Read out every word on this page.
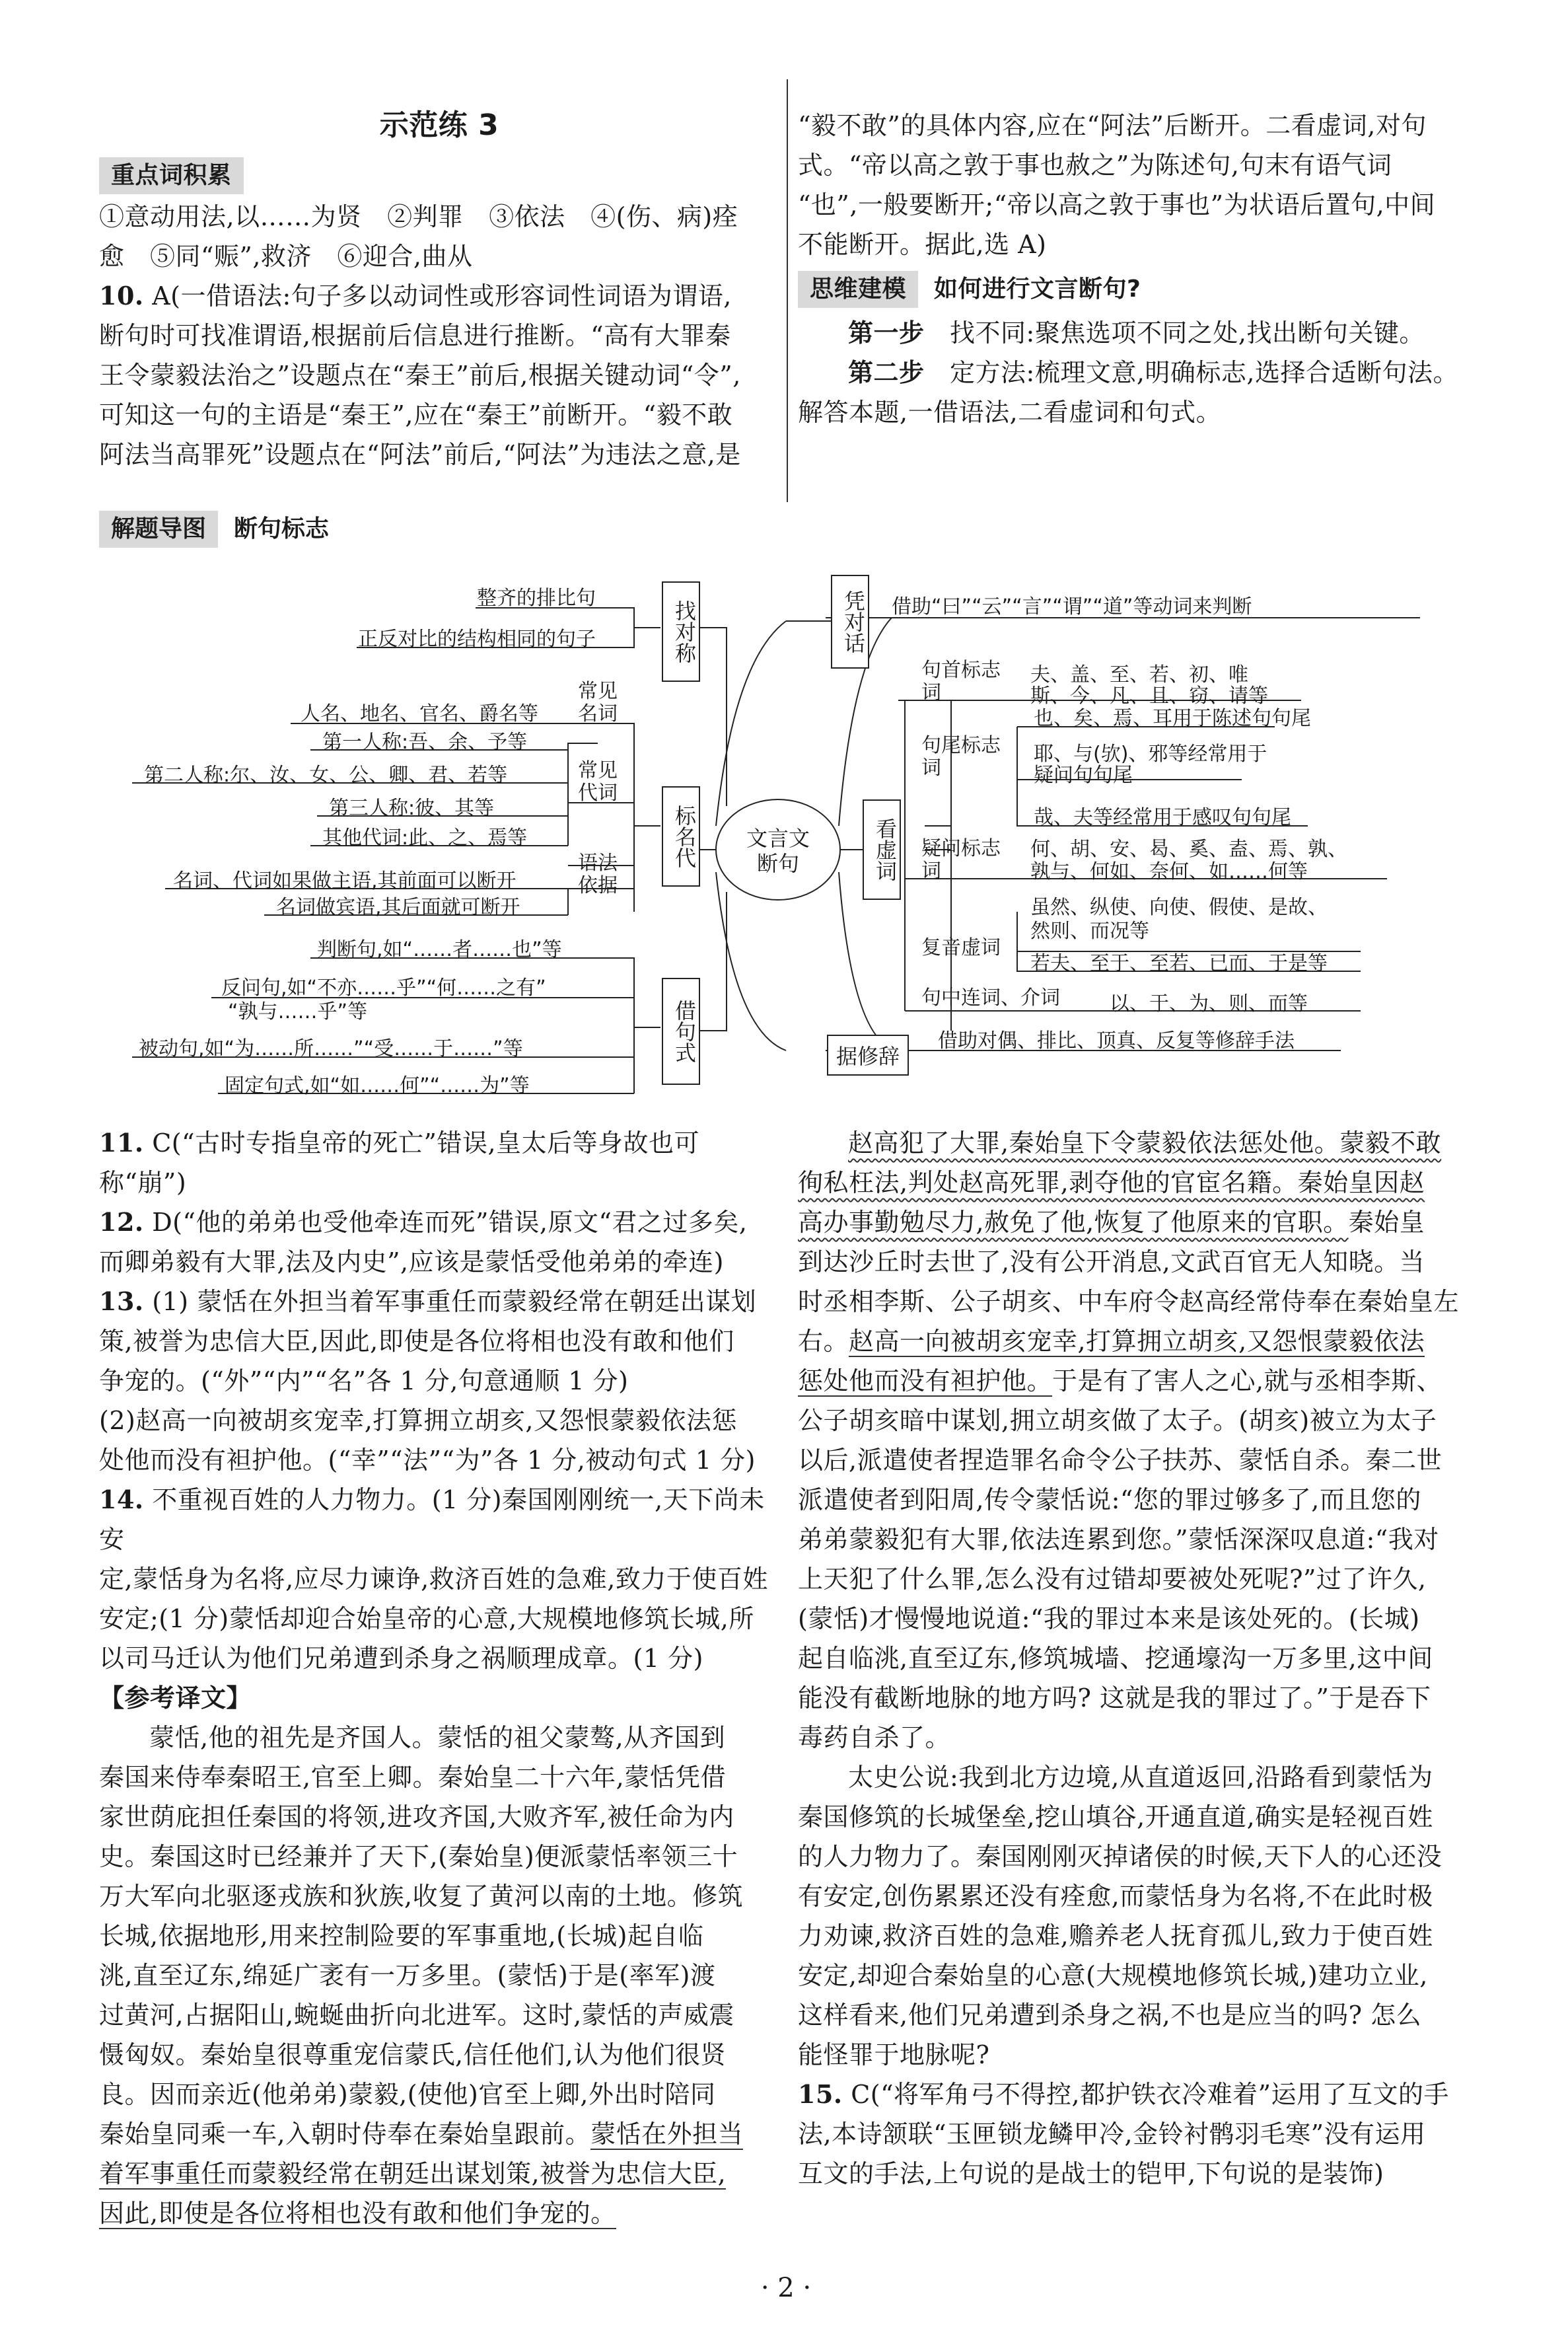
示范练 3

重点词积累

①意动用法,以……为贤　②判罪　③依法　④(伤、病)痊

愈　⑤同“赈”,救济　⑥迎合,曲从

10. A(一借语法:句子多以动词性或形容词性词语为谓语,

断句时可找准谓语,根据前后信息进行推断。“高有大罪秦

王令蒙毅法治之”设题点在“秦王”前后,根据关键动词“令”,

可知这一句的主语是“秦王”,应在“秦王”前断开。“毅不敢

阿法当高罪死”设题点在“阿法”前后,“阿法”为违法之意,是

“毅不敢”的具体内容,应在“阿法”后断开。二看虚词,对句

式。“帝以高之敦于事也赦之”为陈述句,句末有语气词

“也”,一般要断开;“帝以高之敦于事也”为状语后置句,中间

不能断开。据此,选 A)

思维建模 如何进行文言断句?

第一步　 找不同:聚焦选项不同之处,找出断句关键。

第二步　 定方法:梳理文意,明确标志,选择合适断句法。

解答本题,一借语法,二看虚词和句式。

解题导图 断句标志
找对称
整齐的排比句
正反对比的结构相同的句子
标名代
常见名词
人名、地名、官名、爵名等
常见代词
第一人称:吾、余、予等
第二人称:尔、汝、女、公、卿、君、若等
第三人称:彼、其等
其他代词:此、之、焉等
语法依据
名词、代词如果做主语,其前面可以断开
名词做宾语,其后面就可断开
借句式
判断句,如“……者……也”等
反问句,如“不亦……乎”“何……之有”
“孰与……乎”等
被动句,如“为……所……”“受……于……”等
固定句式,如“如……何”“……为”等
文言文断句
凭对话 借助“曰”“云”“言”“谓”“道”等动词来判断
看虚词
句首标志词
夫、盖、至、若、初、唯
斯、今、凡、且、窃、请等
句尾标志词
也、矣、焉、耳用于陈述句句尾
耶、与(欤)、邪等经常用于
疑问句句尾
哉、夫等经常用于感叹句句尾
疑问标志词
何、胡、安、曷、奚、盍、焉、孰、
孰与、何如、奈何、如……何等
复音虚词
虽然、纵使、向使、假使、是故、
然则、而况等
若夫、至于、至若、已而、于是等
句中连词、介词	以、于、为、则、而等
据修辞
借助对偶、排比、顶真、反复等修辞手法

11. C(“古时专指皇帝的死亡”错误,皇太后等身故也可

称“崩”)

12. D(“他的弟弟也受他牵连而死”错误,原文“君之过多矣,

而卿弟毅有大罪,法及内史”,应该是蒙恬受他弟弟的牵连)

13. (1) 蒙恬在外担当着军事重任而蒙毅经常在朝廷出谋划

策,被誉为忠信大臣,因此,即使是各位将相也没有敢和他们

争宠的。(“外”“内”“名”各 1 分,句意通顺 1 分)

(2)赵高一向被胡亥宠幸,打算拥立胡亥,又怨恨蒙毅依法惩

处他而没有袒护他。(“幸”“法”“为”各 1 分,被动句式 1 分)

14. 不重视百姓的人力物力。(1 分)秦国刚刚统一,天下尚未安

定,蒙恬身为名将,应尽力谏诤,救济百姓的急难,致力于使百姓

安定;(1 分)蒙恬却迎合始皇帝的心意,大规模地修筑长城,所

以司马迁认为他们兄弟遭到杀身之祸顺理成章。(1 分)

【参考译文】

蒙恬,他的祖先是齐国人。蒙恬的祖父蒙骜,从齐国到

秦国来侍奉秦昭王,官至上卿。秦始皇二十六年,蒙恬凭借

家世荫庇担任秦国的将领,进攻齐国,大败齐军,被任命为内

史。秦国这时已经兼并了天下,(秦始皇)便派蒙恬率领三十

万大军向北驱逐戎族和狄族,收复了黄河以南的土地。修筑

长城,依据地形,用来控制险要的军事重地,(长城)起自临

洮,直至辽东,绵延广袤有一万多里。(蒙恬)于是(率军)渡

过黄河,占据阳山,蜿蜒曲折向北进军。这时,蒙恬的声威震

慑匈奴。秦始皇很尊重宠信蒙氏,信任他们,认为他们很贤

良。因而亲近(他弟弟)蒙毅,(使他)官至上卿,外出时陪同

秦始皇同乘一车,入朝时侍奉在秦始皇跟前。蒙恬在外担当

着军事重任而蒙毅经常在朝廷出谋划策,被誉为忠信大臣,

因此,即使是各位将相也没有敢和他们争宠的。

赵高犯了大罪,秦始皇下令蒙毅依法惩处他。蒙毅不敢

徇私枉法,判处赵高死罪,剥夺他的官宦名籍。秦始皇因赵

高办事勤勉尽力,赦免了他,恢复了他原来的官职。秦始皇

到达沙丘时去世了,没有公开消息,文武百官无人知晓。当

时丞相李斯、公子胡亥、中车府令赵高经常侍奉在秦始皇左

右。赵高一向被胡亥宠幸,打算拥立胡亥,又怨恨蒙毅依法

惩处他而没有袒护他。于是有了害人之心,就与丞相李斯、

公子胡亥暗中谋划,拥立胡亥做了太子。(胡亥)被立为太子

以后,派遣使者捏造罪名命令公子扶苏、蒙恬自杀。秦二世

派遣使者到阳周,传令蒙恬说:“您的罪过够多了,而且您的

弟弟蒙毅犯有大罪,依法连累到您。”蒙恬深深叹息道:“我对

上天犯了什么罪,怎么没有过错却要被处死呢?”过了许久,

(蒙恬)才慢慢地说道:“我的罪过本来是该处死的。(长城)

起自临洮,直至辽东,修筑城墙、挖通壕沟一万多里,这中间

能没有截断地脉的地方吗? 这就是我的罪过了。”于是吞下

毒药自杀了。

太史公说:我到北方边境,从直道返回,沿路看到蒙恬为

秦国修筑的长城堡垒,挖山填谷,开通直道,确实是轻视百姓

的人力物力了。秦国刚刚灭掉诸侯的时候,天下人的心还没

有安定,创伤累累还没有痊愈,而蒙恬身为名将,不在此时极

力劝谏,救济百姓的急难,赡养老人抚育孤儿,致力于使百姓

安定,却迎合秦始皇的心意(大规模地修筑长城,)建功立业,

这样看来,他们兄弟遭到杀身之祸,不也是应当的吗? 怎么

能怪罪于地脉呢?

15. C(“将军角弓不得控,都护铁衣冷难着”运用了互文的手

法,本诗颔联“玉匣锁龙鳞甲冷,金铃衬鹘羽毛寒”没有运用

互文的手法,上句说的是战士的铠甲,下句说的是装饰)

· 2 ·
